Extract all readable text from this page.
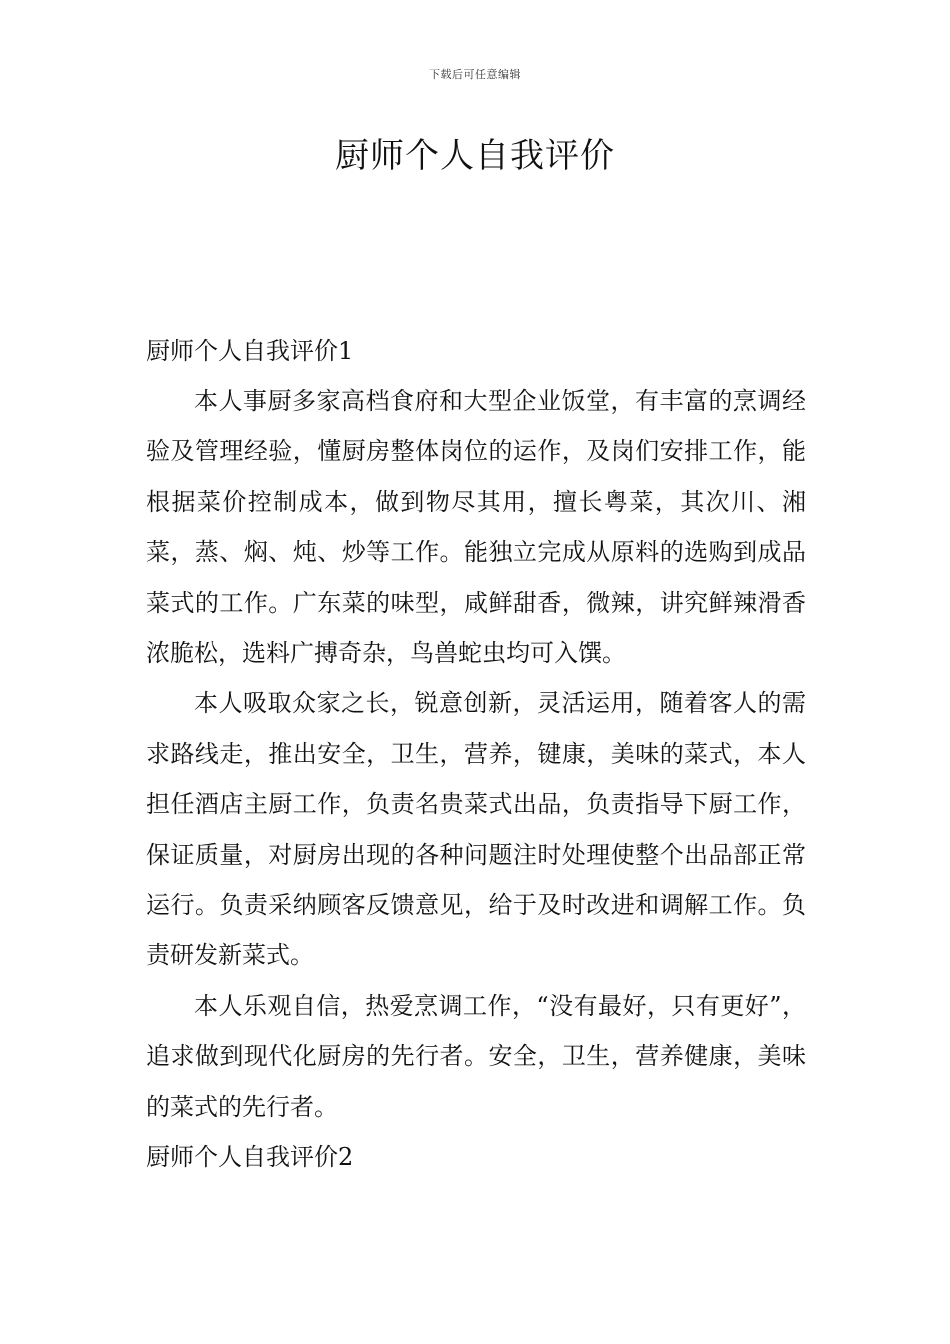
下载后可任意编辑
厨师个人自我评价
厨师个人自我评价1

本人事厨多家高档食府和大型企业饭堂，有丰富的烹调经验及管理经验，懂厨房整体岗位的运作，及岗们安排工作，能根据菜价控制成本，做到物尽其用，擅长粤菜，其次川、湘菜，蒸、焖、炖、炒等工作。能独立完成从原料的选购到成品菜式的工作。广东菜的味型，咸鲜甜香，微辣，讲究鲜辣滑香浓脆松，选料广搏奇杂，鸟兽蛇虫均可入馔。

本人吸取众家之长，锐意创新，灵活运用，随着客人的需求路线走，推出安全，卫生，营养，键康，美味的菜式，本人担任酒店主厨工作，负责名贵菜式出品，负责指导下厨工作，保证质量，对厨房出现的各种问题注时处理使整个出品部正常运行。负责采纳顾客反馈意见，给于及时改进和调解工作。负责研发新菜式。

本人乐观自信，热爱烹调工作，“没有最好，只有更好”，追求做到现代化厨房的先行者。安全，卫生，营养健康，美味的菜式的先行者。

厨师个人自我评价2
